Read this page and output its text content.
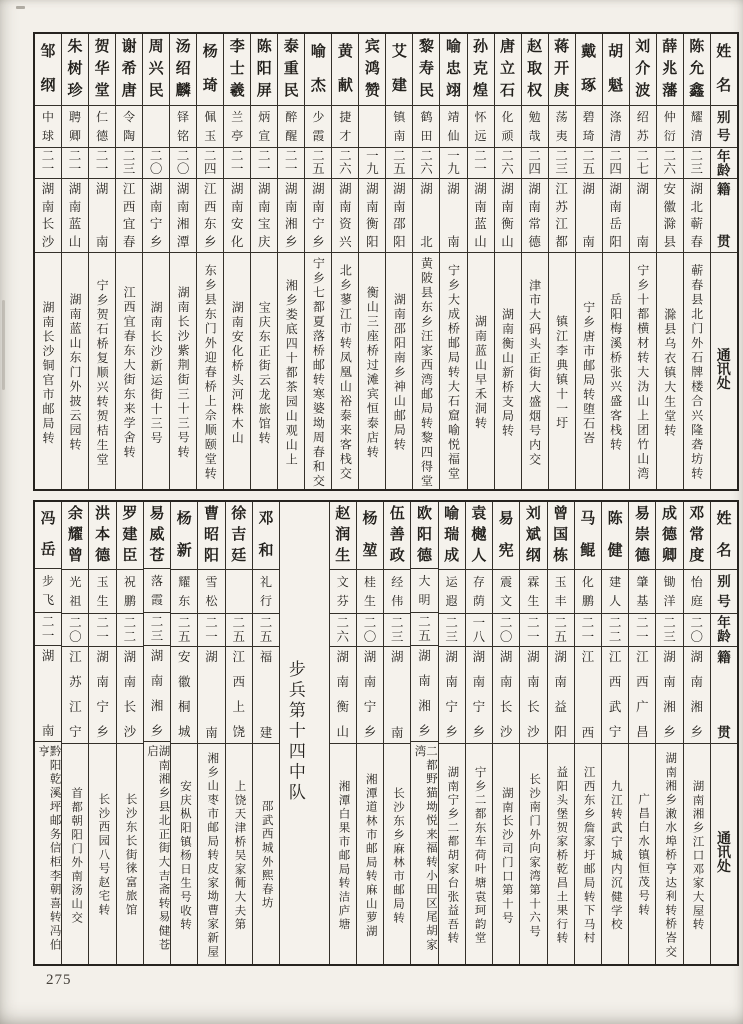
邹
纲
中
球
二
一
湖
南
长
沙
湖南长沙铜官市邮局转
朱
树
珍
聘
卿
二
一
湖
南
蓝
山
湖南蓝山东门外披云园转
贺
华
堂
仁
德
二
一
湖
南
宁乡贺石桥复顺兴转贺桔生堂
谢
希
唐
令
陶
二
三
江
西
宜
春
江西宜春东大街东来学舍转
周
兴
民
二
〇
湖
南
宁
乡
湖南长沙新运街十三号
汤
绍
麟
铎
铭
二
〇
湖
南
湘
潭
湖南长沙紫荆街三十三号转
杨
琦
佩
玉
二
四
江
西
东
乡
东乡县东门外迎春桥上佘顺颐堂转
李
士
羲
兰
亭
二
一
湖
南
安
化
湖南安化桥头河株木山
陈
阳
屏
炳
宣
二
一
湖
南
宝
庆
宝庆东正街云龙旅馆转
泰
重
民
醉
醒
二
一
湖
南
湘
乡
湘乡娄底四十都茶园山观山上
喻
杰
少
霞
二
五
湖
南
宁
乡
宁乡七都夏落桥邮转寒婆坳周春和交
黄
献
捷
才
二
六
湖
南
资
兴
北乡蓼江市转凤凰山裕泰来客栈交
宾
鸿
赞
一
九
湖
南
衡
阳
衡山三座桥过滩宾恒泰店转
艾
建
镇
南
二
五
湖
南
邵
阳
湖南邵阳南乡神山邮局转
黎
寿
民
鹤
田
二
六
湖
北
黄陂县东乡汪家西湾邮局转黎四得堂
喻
忠
翊
靖
仙
一
九
湖
南
宁乡大成桥邮局转大石窟喻悦福堂
孙
克
煌
怀
远
二
一
湖
南
蓝
山
湖南蓝山早禾洞转
唐
立
石
化
顽
二
六
湖
南
衡
山
湖南衡山新桥支局转
赵
取
权
勉
哉
二
四
湖
南
常
德
津市大码头正街大盛烟号内交
蒋
开
庚
荡
夷
二
三
江
苏
江
都
镇江李典镇十一圩
戴
琢
碧
琦
二
五
湖
南
宁乡唐市邮局转堕石峇
胡
魁
涤
清
二
四
湖
南
岳
阳
岳阳梅溪桥张兴盛客栈转
刘
介
波
绍
苏
二
七
湖
南
宁乡十都横材转大沩山上团竹山湾
薛
兆
藩
仲
衍
二
六
安
徽
滁
县
滁县乌衣镇大生堂转
陈
允
鑫
耀
清
二
三
湖
北
蕲
春
蕲春县北门外石牌楼合兴隆砻坊转
姓
名
别
号
年
龄
籍
贯
通
讯
处
冯
岳
步
飞
二
一
湖
南
黔阳乾溪坪邮务信柜李朝喜转冯伯亨
余
耀
曾
光
祖
二
〇
江
苏
江
宁
首都朝阳门外南汤山交
洪
本
德
玉
生
二
一
湖
南
宁
乡
长沙西园八号赵宅转
罗
建
臣
祝
鹏
二
二
湖
南
长
沙
长沙东长街徕富旅馆
易
威
苍
落
霞
二
三
湖
南
湘
乡
湖南湘乡县北正街大吉斋转易健苍启
杨
新
耀
东
二
五
安
徽
桐
城
安庆枞阳镇杨日生号收转
曹
昭
阳
雪
松
二
一
湖
南
湘乡山枣市邮局转皮家坳曹家新屋
徐
吉
廷
二
五
江
西
上
饶
上饶天津桥吴家衕大夫第
邓
和
礼
行
二
五
福
建
邵武西城外熙春坊
步兵第十四中队
赵
润
生
文
芬
二
六
湖
南
衡
山
湘潭白果市邮局转洁庐塘
杨
堃
桂
生
二
〇
湖
南
宁
乡
湘潭道林市邮局转麻山萝湖
伍
善
政
经
伟
二
三
湖
南
长沙东乡麻林市邮局转
欧
阳
德
大
明
二
五
湖
南
湘
乡
二都野猫坳悦来福转小田区尾胡家湾
喻
瑞
成
运
遐
二
三
湖
南
宁
乡
湖南宁乡二都胡家台张益吾转
袁
樾
人
存
荫
一
八
湖
南
宁
乡
宁乡二都东车荷叶塘袁珂韵堂
易
宪
震
文
二
〇
湖
南
长
沙
湖南长沙司门口第十号
刘
斌
纲
霖
生
二
一
湖
南
长
沙
长沙南门外向家湾第十六号
曾
国
栋
玉
丰
二
五
湖
南
益
阳
益阳头堡贺家桥乾昌土果行转
马
鲲
化
鹏
二
一
江
西
江西东乡詹家圩邮局转下马村
陈
健
建
人
二
二
江
西
武
宁
九江转武宁城内沉健学校
易
崇
德
肇
基
二
一
江
西
广
昌
广昌白水镇恒茂号转
成
德
卿
锄
洋
二
三
湖
南
湘
乡
湖南湘乡潄水埠桥亨达利转桥峇交
邓
常
度
怡
庭
二
〇
湖
南
湘
乡
湖南湘乡江口邓家大屋转
姓
名
别
号
年
龄
籍
贯
通
讯
处
275
